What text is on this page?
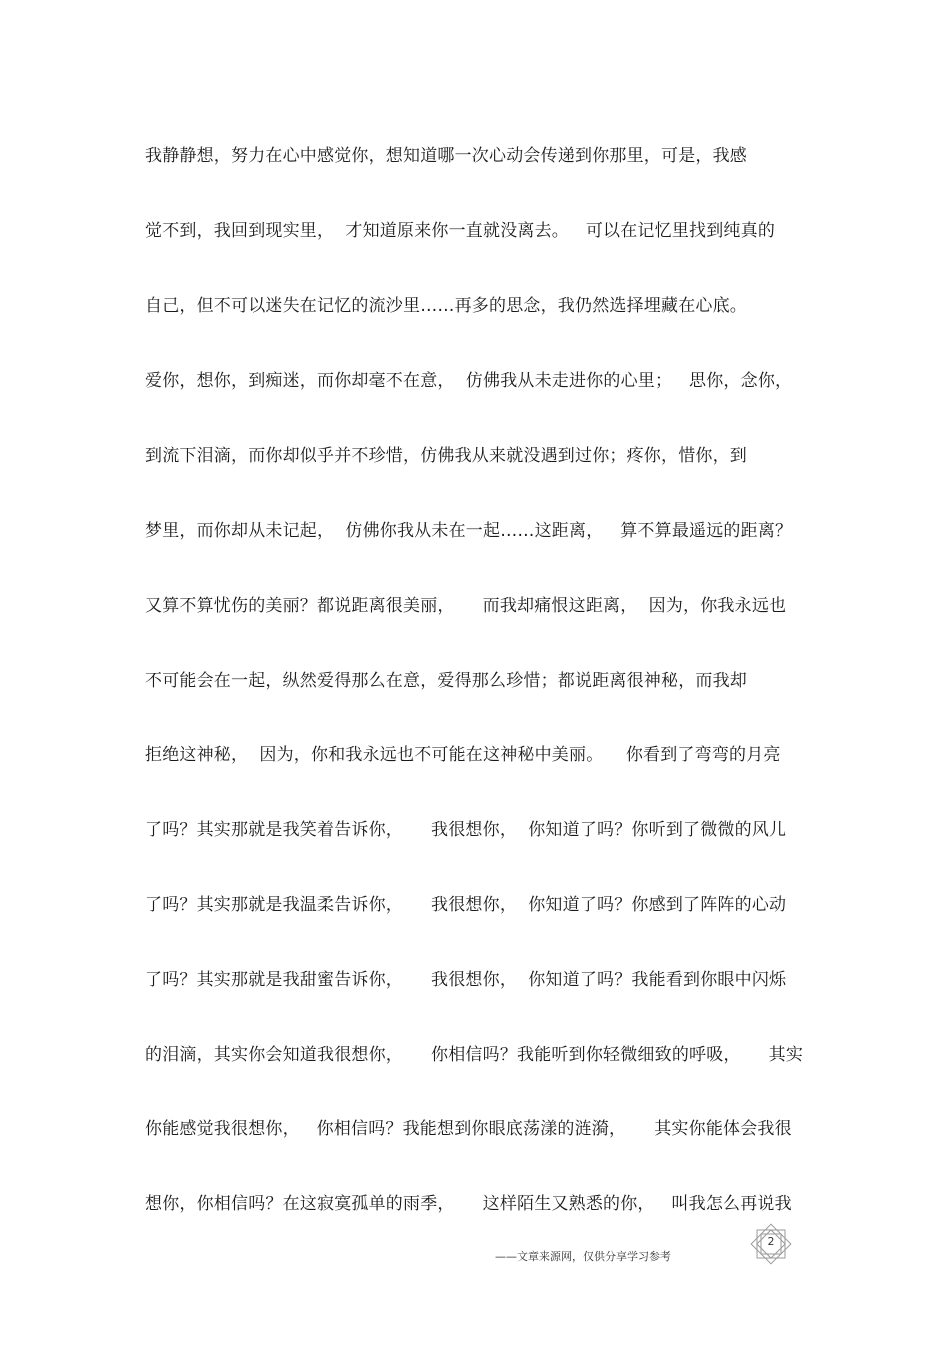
我静静想，努力在心中感觉你，想知道哪一次心动会传递到你那里，可是，我感
觉不到，我回到现实里，  才知道原来你一直就没离去。   可以在记忆里找到纯真的
自己，但不可以迷失在记忆的流沙里……再多的思念，我仍然选择埋藏在心底。
爱你，想你，到痴迷，而你却毫不在意，  仿佛我从未走进你的心里；   思你，念你，
到流下泪滴，而你却似乎并不珍惜，仿佛我从来就没遇到过你；疼你，惜你，到
梦里，而你却从未记起，  仿佛你我从未在一起……这距离，   算不算最遥远的距离？
又算不算忧伤的美丽？都说距离很美丽，     而我却痛恨这距离，  因为，你我永远也
不可能会在一起，纵然爱得那么在意，爱得那么珍惜；都说距离很神秘，而我却
拒绝这神秘，  因为，你和我永远也不可能在这神秘中美丽。    你看到了弯弯的月亮
了吗？其实那就是我笑着告诉你，     我很想你，  你知道了吗？你听到了微微的风儿
了吗？其实那就是我温柔告诉你，     我很想你，  你知道了吗？你感到了阵阵的心动
了吗？其实那就是我甜蜜告诉你，     我很想你，  你知道了吗？我能看到你眼中闪烁
的泪滴，其实你会知道我很想你，     你相信吗？我能听到你轻微细致的呼吸，     其实
你能感觉我很想你，   你相信吗？我能想到你眼底荡漾的涟漪，     其实你能体会我很
想你，你相信吗？在这寂寞孤单的雨季，     这样陌生又熟悉的你，   叫我怎么再说我
2
——文章来源网，仅供分享学习参考
